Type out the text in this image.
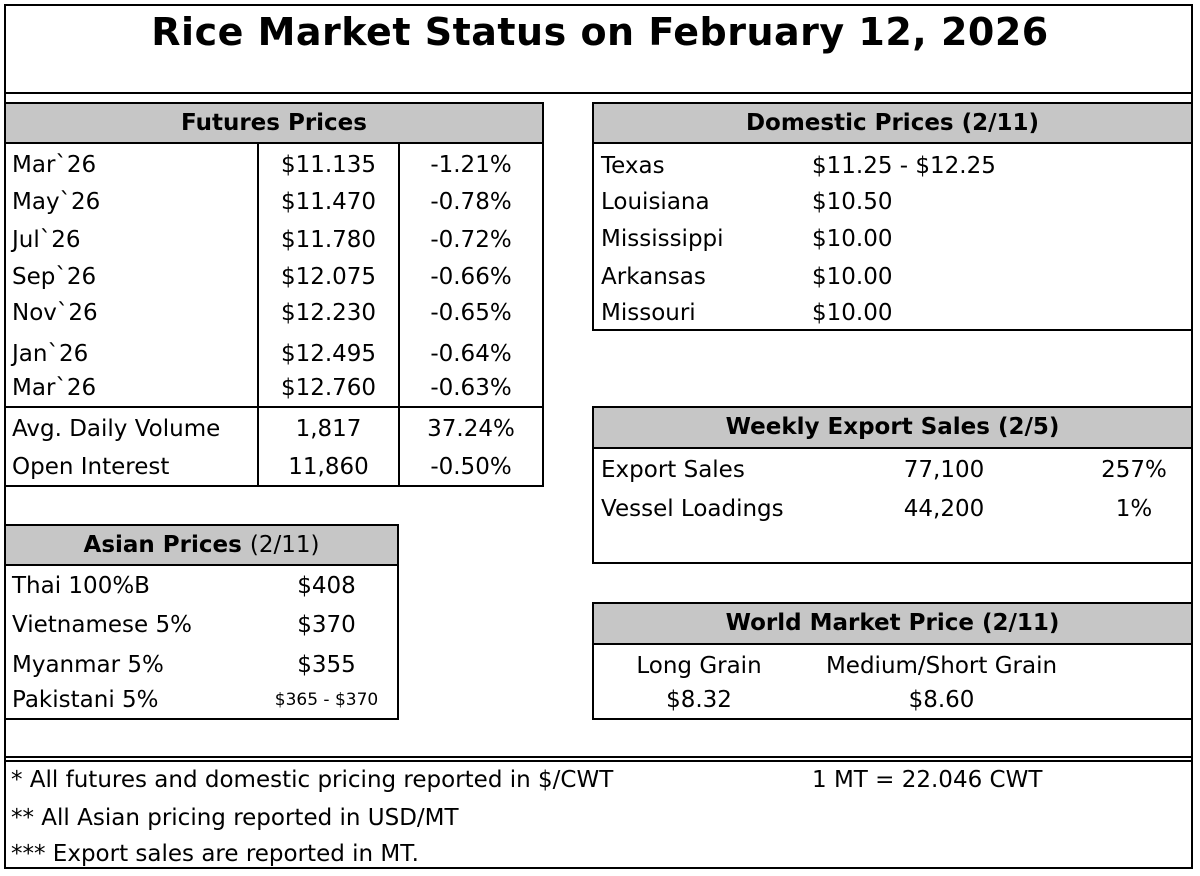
Rice Market Status on February 12, 2026
Futures Prices
Mar`26	$11.135	-1.21%
May`26	$11.470	-0.78%
Jul`26	$11.780	-0.72%
Sep`26	$12.075	-0.66%
Nov`26	$12.230	-0.65%
Jan`26	$12.495	-0.64%
Mar`26	$12.760	-0.63%
Avg. Daily Volume	1,817	37.24%
Open Interest	11,860	-0.50%
Asian Prices (2/11)
Thai 100%B	$408
Vietnamese 5%	$370
Myanmar 5%	$355
Pakistani 5%	$365 - $370
Domestic Prices (2/11)
Texas	$11.25 - $12.25
Louisiana	$10.50
Mississippi	$10.00
Arkansas	$10.00
Missouri	$10.00
Weekly Export Sales (2/5)
Export Sales	77,100	257%
Vessel Loadings	44,200	1%
World Market Price (2/11)
Long Grain	Medium/Short Grain
$8.32	$8.60
* All futures and domestic pricing reported in $/CWT	1 MT = 22.046 CWT
** All Asian pricing reported in USD/MT
*** Export sales are reported in MT.
